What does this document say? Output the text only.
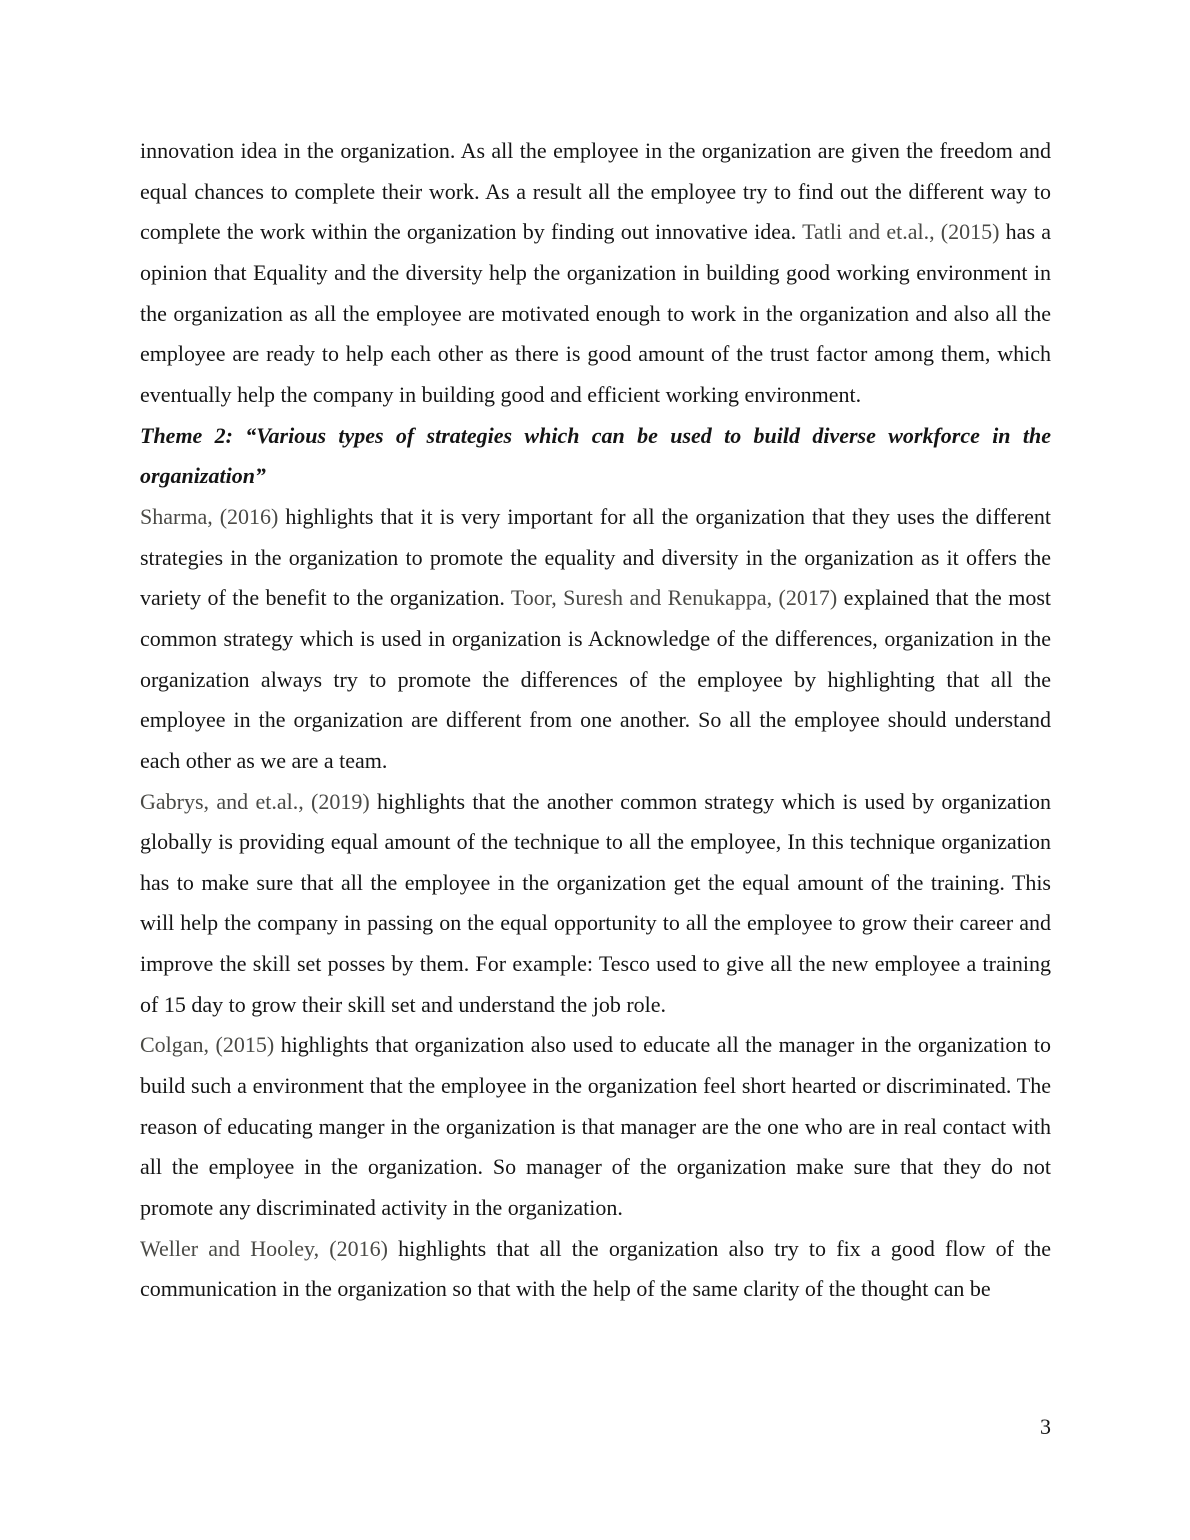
innovation idea in the organization. As all the employee in the organization are given the freedom and equal chances to complete their work. As a result all the employee try to find out the different way to complete the work within the organization by finding out innovative idea. Tatli and et.al., (2015) has a opinion that Equality and the diversity help the organization in building good working environment in the organization as all the employee are motivated enough to work in the organization and also all the employee are ready to help each other as there is good amount of the trust factor among them, which eventually help the company in building good and efficient working environment.

Theme 2: “Various types of strategies which can be used to build diverse workforce in the organization”

Sharma, (2016) highlights that it is very important for all the organization that they uses the different strategies in the organization to promote the equality and diversity in the organization as it offers the variety of the benefit to the organization. Toor, Suresh and Renukappa, (2017) explained that the most common strategy which is used in organization is Acknowledge of the differences, organization in the organization always try to promote the differences of the employee by highlighting that all the employee in the organization are different from one another. So all the employee should understand each other as we are a team.

Gabrys, and et.al., (2019) highlights that the another common strategy which is used by organization globally is providing equal amount of the technique to all the employee, In this technique organization has to make sure that all the employee in the organization get the equal amount of the training. This will help the company in passing on the equal opportunity to all the employee to grow their career and improve the skill set posses by them. For example: Tesco used to give all the new employee a training of 15 day to grow their skill set and understand the job role.

Colgan, (2015) highlights that organization also used to educate all the manager in the organization to build such a environment that the employee in the organization feel short hearted or discriminated. The reason of educating manger in the organization is that manager are the one who are in real contact with all the employee in the organization. So manager of the organization make sure that they do not promote any discriminated activity in the organization.

Weller and Hooley, (2016) highlights that all the organization also try to fix a good flow of the communication in the organization so that with the help of the same clarity of the thought can be

3
